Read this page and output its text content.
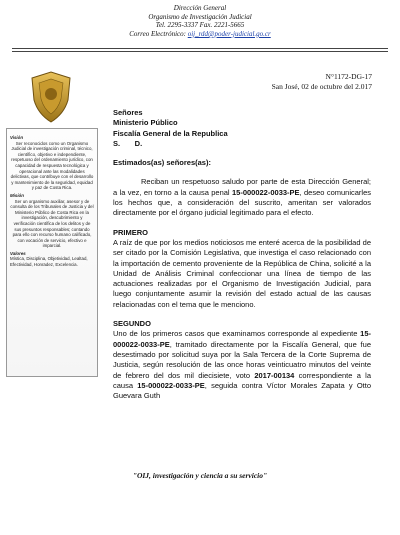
Dirección General
Organismo de Investigación Judicial
Tel. 2295-3337 Fax. 2221-5665
Correo Electrónico: oij_rdd@poder-judicial.go.cr
Visión

Ser reconocidos como un Organismo Judicial de investigación criminal, técnico, científico, objetivo e independiente, respetuoso del ordenamiento jurídico, con capacidad de respuesta tecnológica y operacional ante las modalidades delictivas, que contribuye con el desarrollo y mantenimiento de la seguridad, equidad y paz de Costa Rica.

Misión

Ser un organismo auxiliar, asesor y de consulta de los Tribunales de Justicia y del Ministerio Público de Costa Rica en la investigación, descubrimiento y verificación científica de los delitos y de sus presuntos responsables; contando para ello con recurso humano calificado, con vocación de servicio, efectivo e imparcial.

Valores

Mística, Disciplina, Objetividad, Lealtad, Efectividad, Honradez, Excelencia.

N°1172-DG-17
San José, 02 de octubre del 2.017
Señores
Ministerio Público
Fiscalía General de la Republica
S.       D.

Estimados(as) señores(as):

Reciban un respetuoso saludo por parte de esta Dirección General; a la vez, en torno a la causa penal 15-000022-0033-PE, deseo comunicarles los hechos que, a consideración del suscrito, ameritan ser valorados directamente por el órgano judicial legitimado para el efecto.

PRIMERO

A raíz de que por los medios noticiosos me enteré acerca de la posibilidad de ser citado por la Comisión Legislativa, que investiga el caso relacionado con la importación de cemento proveniente de la República de China, solicité a la Unidad de Análisis Criminal confeccionar una línea de tiempo de las actuaciones realizadas por el Organismo de Investigación Judicial, para luego conjuntamente asumir la revisión del estado actual de las causas relacionadas con el tema que le menciono.

SEGUNDO

Uno de los primeros casos que examinamos corresponde al expediente 15-000022-0033-PE, tramitado directamente por la Fiscalía General, que fue desestimado por solicitud suya por la Sala Tercera de la Corte Suprema de Justicia, según resolución de las once horas veinticuatro minutos del veinte de febrero del dos mil diecisiete, voto 2017-00134 correspondiente a la causa 15-000022-0033-PE, seguida contra Víctor Morales Zapata y Otto Guevara Guth

"OIJ, investigación y ciencia a su servicio"
